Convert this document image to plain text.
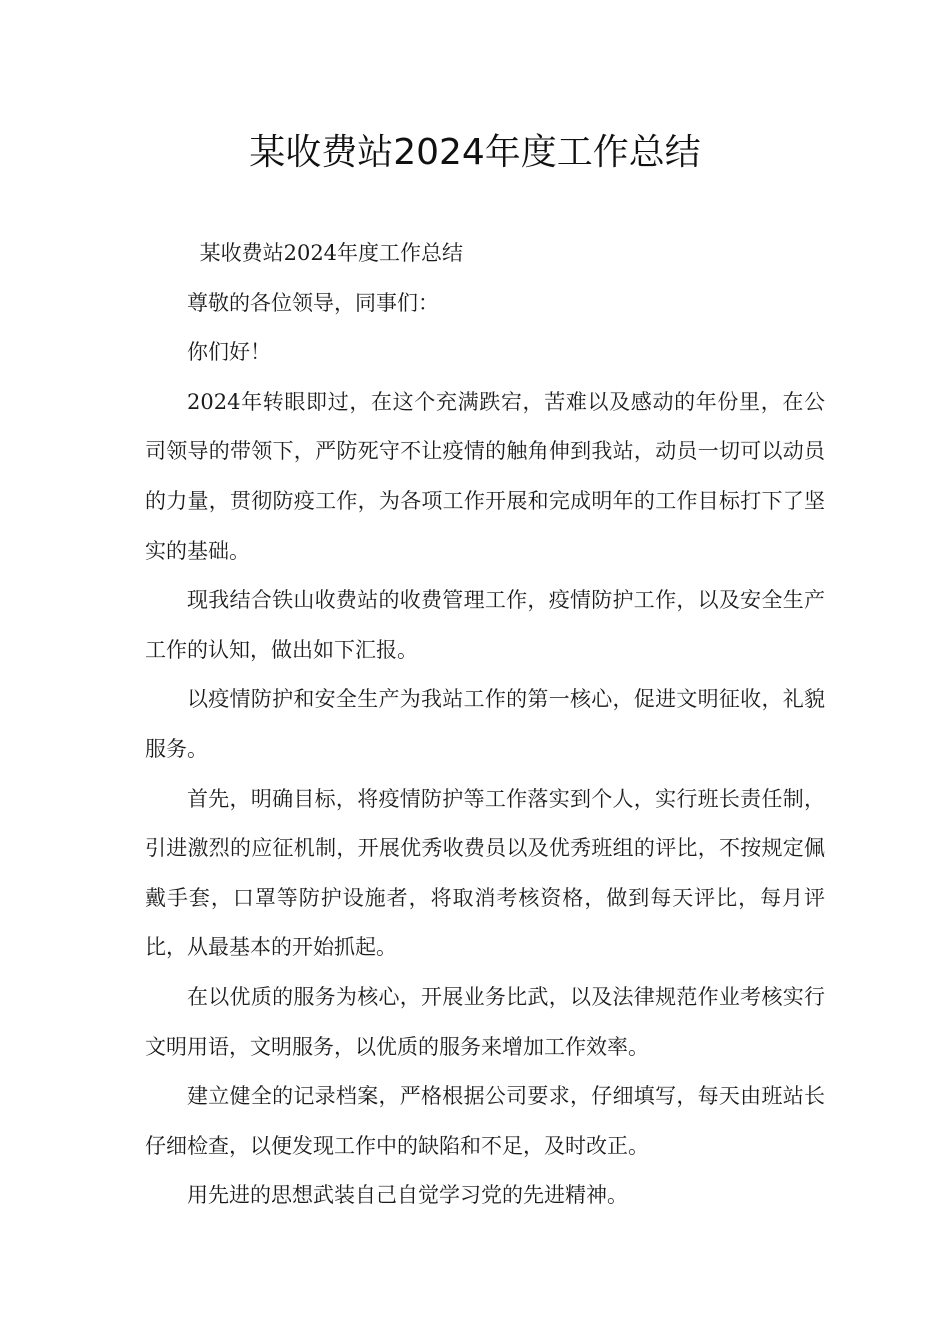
某收费站2024年度工作总结

某收费站2024年度工作总结

尊敬的各位领导，同事们：

你们好！

2024年转眼即过，在这个充满跌宕，苦难以及感动的年份里，在公司领导的带领下，严防死守不让疫情的触角伸到我站，动员一切可以动员的力量，贯彻防疫工作，为各项工作开展和完成明年的工作目标打下了坚实的基础。

现我结合铁山收费站的收费管理工作，疫情防护工作，以及安全生产工作的认知，做出如下汇报。

以疫情防护和安全生产为我站工作的第一核心，促进文明征收，礼貌服务。

首先，明确目标，将疫情防护等工作落实到个人，实行班长责任制，引进激烈的应征机制，开展优秀收费员以及优秀班组的评比，不按规定佩戴手套，口罩等防护设施者，将取消考核资格，做到每天评比，每月评比，从最基本的开始抓起。

在以优质的服务为核心，开展业务比武，以及法律规范作业考核实行文明用语，文明服务，以优质的服务来增加工作效率。

建立健全的记录档案，严格根据公司要求，仔细填写，每天由班站长仔细检查，以便发现工作中的缺陷和不足，及时改正。

用先进的思想武装自己自觉学习党的先进精神。
